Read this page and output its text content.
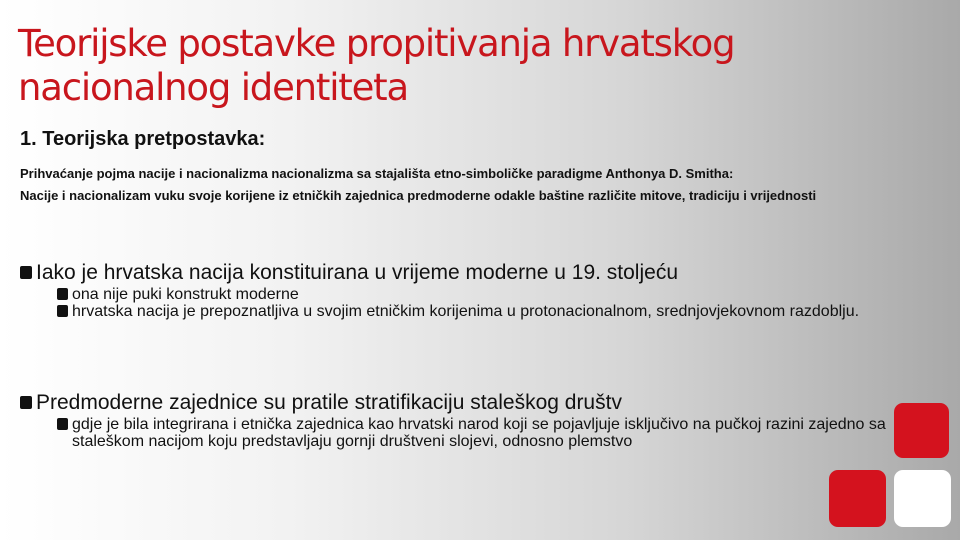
Teorijske postavke propitivanja hrvatskog nacionalnog identiteta
1. Teorijska pretpostavka:

Prihvaćanje pojma nacije i nacionalizma nacionalizma sa stajališta etno-simboličke paradigme Anthonya D. Smitha:

Nacije i nacionalizam vuku svoje korijene iz etničkih zajednica predmoderne odakle baštine različite mitove, tradiciju i vrijednosti

Iako je hrvatska nacija konstituirana u vrijeme moderne u 19. stoljeću
ona nije puki konstrukt moderne
hrvatska nacija je prepoznatljiva u svojim etničkim korijenima u protonacionalnom, srednjovjekovnom razdoblju.
Predmoderne zajednice su pratile stratifikaciju staleškog društv
gdje je bila integrirana i etnička zajednica kao hrvatski narod koji se pojavljuje isključivo na pučkoj razini zajedno sa staleškom nacijom koju predstavljaju gornji društveni slojevi, odnosno plemstvo
